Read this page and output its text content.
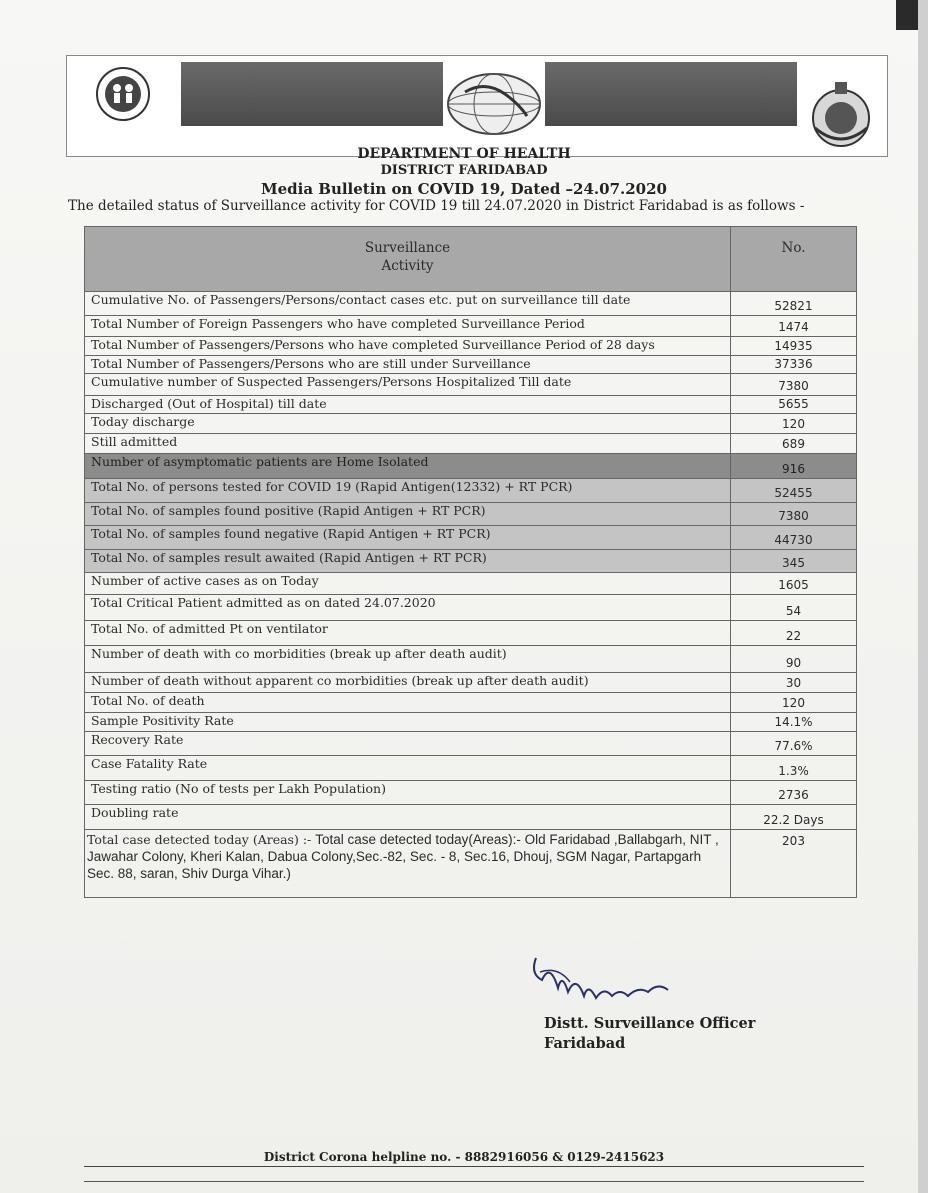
DEPARTMENT OF HEALTH
DISTRICT FARIDABAD
Media Bulletin on COVID 19, Dated –24.07.2020
The detailed status of Surveillance activity for COVID 19 till 24.07.2020 in District Faridabad is as follows -
Surveillance
Activity	No.
Cumulative No. of Passengers/Persons/contact cases etc. put on surveillance till date	52821
Total Number of Foreign Passengers who have completed Surveillance Period	1474
Total Number of Passengers/Persons who have completed Surveillance Period of 28 days	14935
Total Number of Passengers/Persons who are still under Surveillance	37336
Cumulative number of Suspected Passengers/Persons Hospitalized Till date	7380
Discharged (Out of Hospital) till date	5655
Today discharge	120
Still admitted	689
Number of asymptomatic patients are Home Isolated	916
Total No. of persons tested for COVID 19 (Rapid Antigen(12332) + RT PCR)	52455
Total No. of samples found positive (Rapid Antigen + RT PCR)	7380
Total No. of samples found negative (Rapid Antigen + RT PCR)	44730
Total No. of samples result awaited (Rapid Antigen + RT PCR)	345
Number of active cases as on Today	1605
Total Critical Patient admitted as on dated 24.07.2020	54
Total No. of admitted Pt on ventilator	22
Number of death with co morbidities (break up after death audit)	90
Number of death without apparent co morbidities (break up after death audit)	30
Total No. of death	120
Sample Positivity Rate	14.1%
Recovery Rate	77.6%
Case Fatality Rate	1.3%
Testing ratio (No of tests per Lakh Population)	2736
Doubling rate	22.2 Days
Total case detected today (Areas) :- Total case detected today(Areas):- Old Faridabad ,Ballabgarh, NIT , Jawahar Colony, Kheri Kalan, Dabua Colony,Sec.-82, Sec. - 8, Sec.16, Dhouj, SGM Nagar, Partapgarh Sec. 88, saran, Shiv Durga Vihar.)	203
Distt. Surveillance Officer
Faridabad
District Corona helpline no. - 8882916056 & 0129-2415623
